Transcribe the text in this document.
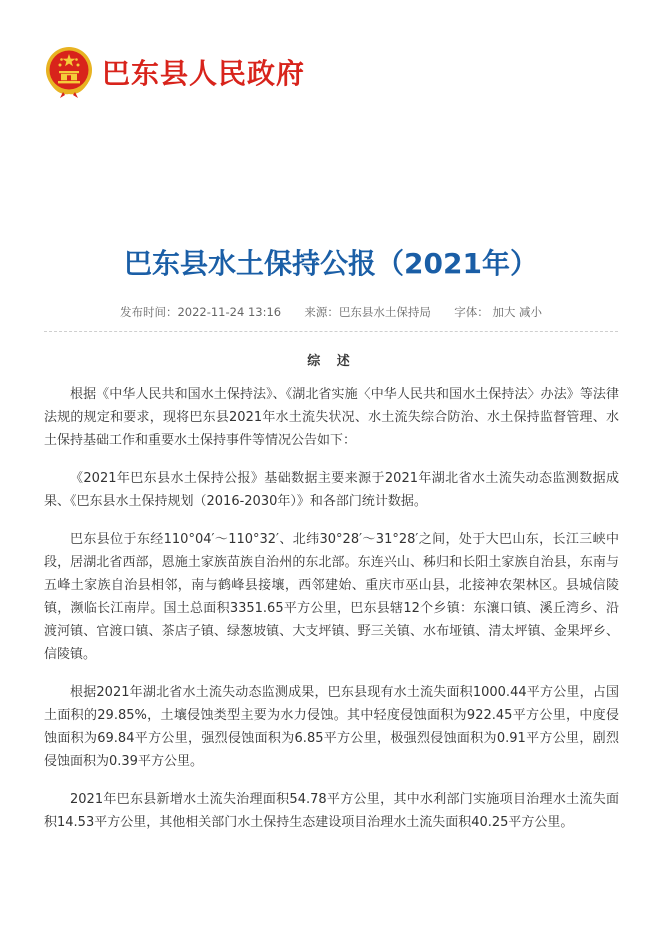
巴东县人民政府
巴东县水土保持公报（2021年）
发布时间：2022-11-24 13:16 来源：巴东县水土保持局 字体： 加大 减小

综 述

根据《中华人民共和国水土保持法》、《湖北省实施〈中华人民共和国水土保持法〉办法》等法律法规的规定和要求，现将巴东县2021年水土流失状况、水土流失综合防治、水土保持监督管理、水土保持基础工作和重要水土保持事件等情况公告如下：

《2021年巴东县水土保持公报》基础数据主要来源于2021年湖北省水土流失动态监测数据成果、《巴东县水土保持规划（2016-2030年）》和各部门统计数据。

巴东县位于东经110°04′～110°32′、北纬30°28′～31°28′之间，处于大巴山东，长江三峡中段，居湖北省西部，恩施土家族苗族自治州的东北部。东连兴山、秭归和长阳土家族自治县，东南与五峰土家族自治县相邻，南与鹤峰县接壤，西邻建始、重庆市巫山县，北接神农架林区。县城信陵镇，濒临长江南岸。国土总面积3351.65平方公里，巴东县辖12个乡镇：东瀼口镇、溪丘湾乡、沿渡河镇、官渡口镇、茶店子镇、绿葱坡镇、大支坪镇、野三关镇、水布垭镇、清太坪镇、金果坪乡、信陵镇。

根据2021年湖北省水土流失动态监测成果，巴东县现有水土流失面积1000.44平方公里，占国土面积的29.85%，土壤侵蚀类型主要为水力侵蚀。其中轻度侵蚀面积为922.45平方公里，中度侵蚀面积为69.84平方公里，强烈侵蚀面积为6.85平方公里，极强烈侵蚀面积为0.91平方公里，剧烈侵蚀面积为0.39平方公里。

2021年巴东县新增水土流失治理面积54.78平方公里，其中水利部门实施项目治理水土流失面积14.53平方公里，其他相关部门水土保持生态建设项目治理水土流失面积40.25平方公里。
